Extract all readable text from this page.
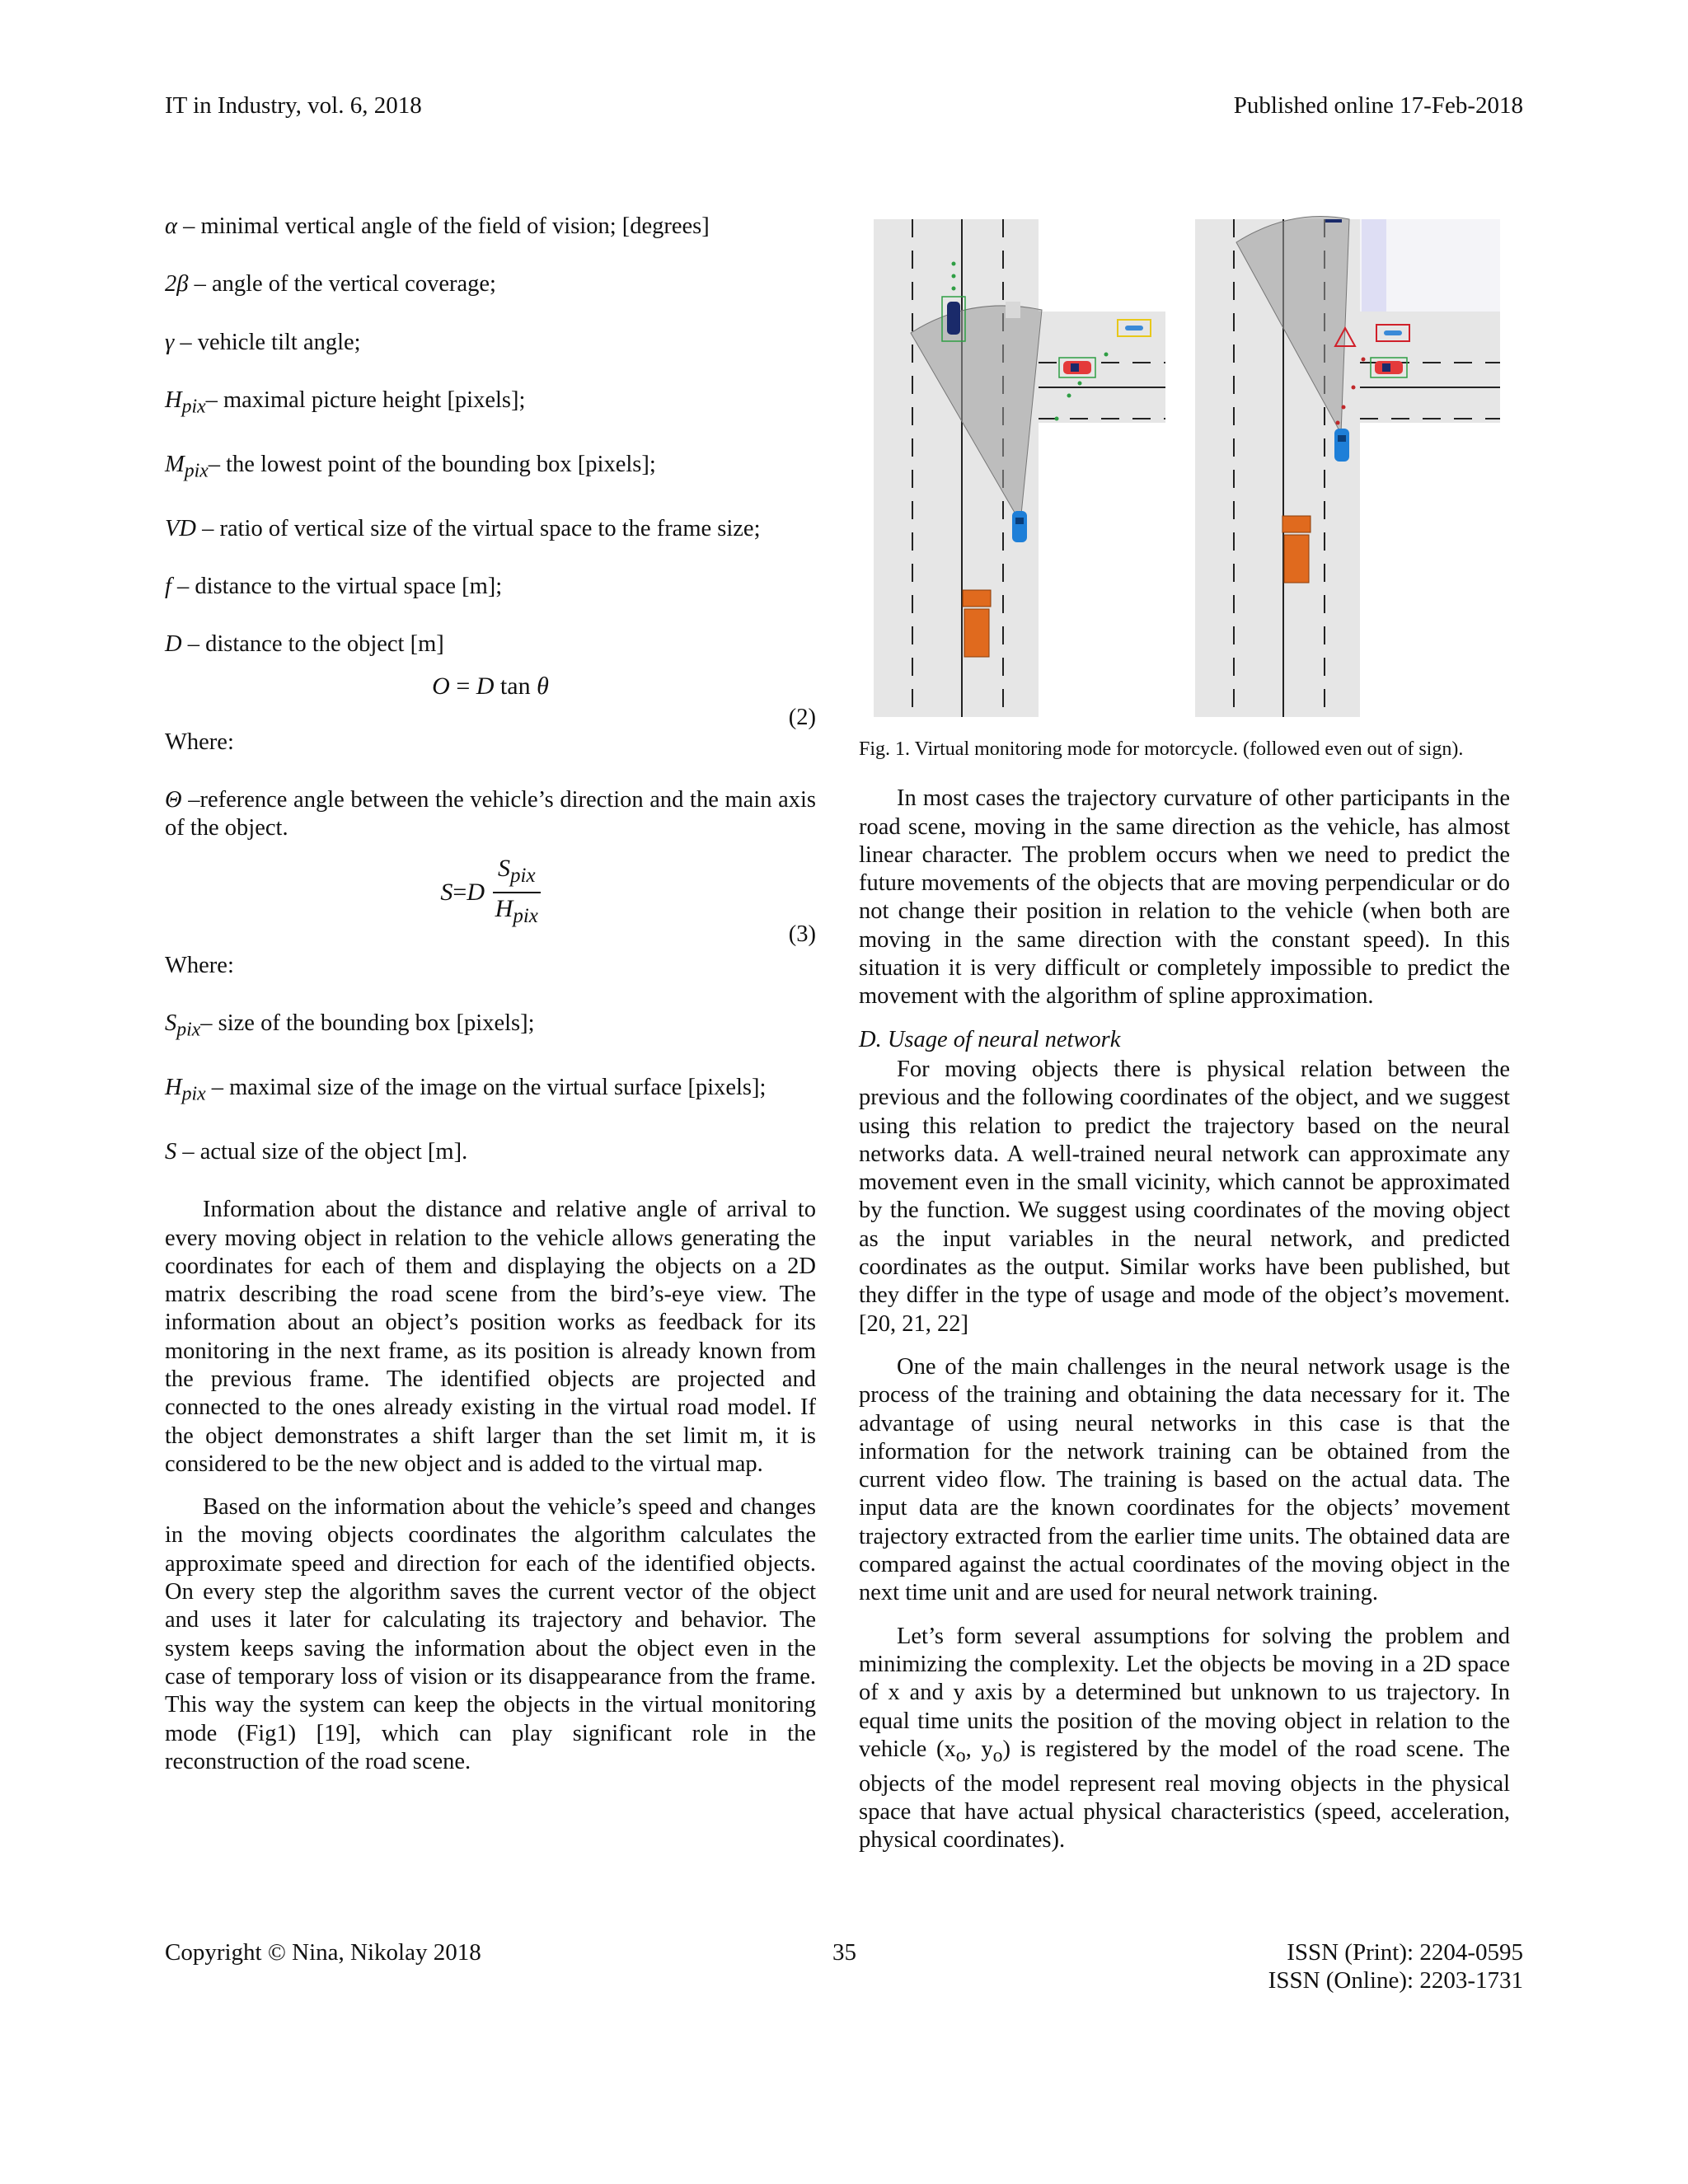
IT in Industry, vol. 6, 2018	Published online 17-Feb-2018

α – minimal vertical angle of the field of vision; [degrees]

2β – angle of the vertical coverage;

γ – vehicle tilt angle;

$H_{pix}-$ maximal picture height [pixels];

$M_{pix}-$ the lowest point of the bounding box [pixels];

VD – ratio of vertical size of the virtual space to the frame size;

f – distance to the virtual space [m];

D – distance to the object [m]

O = D tan θ
(2)

Where:

Θ –reference angle between the vehicle’s direction and the main axis of the object.

S = D $\frac{S_{pix}}{H_{pix}}$
(3)

Where:

$S_{pix}-$ size of the bounding box [pixels];

$H_{pix}$ – maximal size of the image on the virtual surface [pixels];

S – actual size of the object [m].

Information about the distance and relative angle of arrival to every moving object in relation to the vehicle allows generating the coordinates for each of them and displaying the objects on a 2D matrix describing the road scene from the bird’s-eye view. The information about an object’s position works as feedback for its monitoring in the next frame, as its position is already known from the previous frame. The identified objects are projected and connected to the ones already existing in the virtual road model. If the object demonstrates a shift larger than the set limit m, it is considered to be the new object and is added to the virtual map.

Based on the information about the vehicle’s speed and changes in the moving objects coordinates the algorithm calculates the approximate speed and direction for each of the identified objects. On every step the algorithm saves the current vector of the object and uses it later for calculating its trajectory and behavior. The system keeps saving the information about the object even in the case of temporary loss of vision or its disappearance from the frame. This way the system can keep the objects in the virtual monitoring mode (Fig1) [19], which can play significant role in the reconstruction of the road scene.

Fig. 1. Virtual monitoring mode for motorcycle. (followed even out of sign).

In most cases the trajectory curvature of other participants in the road scene, moving in the same direction as the vehicle, has almost linear character. The problem occurs when we need to predict the future movements of the objects that are moving perpendicular or do not change their position in relation to the vehicle (when both are moving in the same direction with the constant speed). In this situation it is very difficult or completely impossible to predict the movement with the algorithm of spline approximation.

D. Usage of neural network

For moving objects there is physical relation between the previous and the following coordinates of the object, and we suggest using this relation to predict the trajectory based on the neural networks data. A well-trained neural network can approximate any movement even in the small vicinity, which cannot be approximated by the function. We suggest using coordinates of the moving object as the input variables in the neural network, and predicted coordinates as the output. Similar works have been published, but they differ in the type of usage and mode of the object’s movement. [20, 21, 22]

One of the main challenges in the neural network usage is the process of the training and obtaining the data necessary for it. The advantage of using neural networks in this case is that the information for the network training can be obtained from the current video flow. The training is based on the actual data. The input data are the known coordinates for the objects’ movement trajectory extracted from the earlier time units. The obtained data are compared against the actual coordinates of the moving object in the next time unit and are used for neural network training.

Let’s form several assumptions for solving the problem and minimizing the complexity. Let the objects be moving in a 2D space of x and y axis by a determined but unknown to us trajectory. In equal time units the position of the moving object in relation to the vehicle ($x_o$, $y_o$) is registered by the model of the road scene. The objects of the model represent real moving objects in the physical space that have actual physical characteristics (speed, acceleration, physical coordinates).

Copyright © Nina, Nikolay 2018	35	ISSN (Print): 2204-0595
ISSN (Online): 2203-1731
